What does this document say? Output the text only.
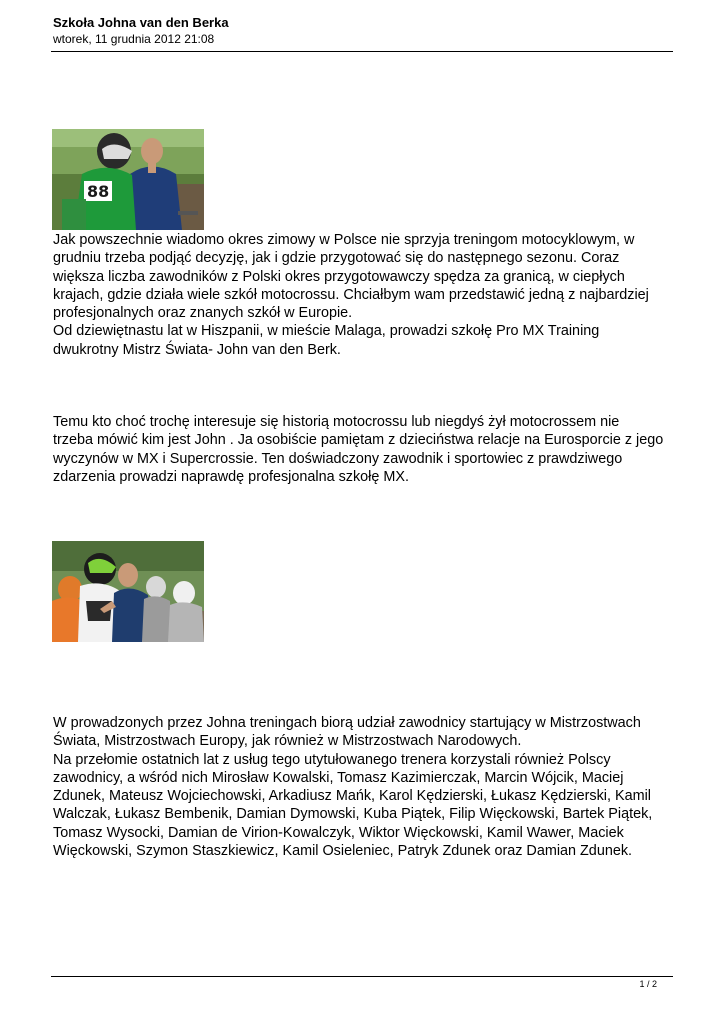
Szkoła Johna van den Berka
wtorek, 11 grudnia 2012 21:08
88
Jak powszechnie wiadomo okres zimowy w Polsce nie sprzyja treningom motocyklowym, w
grudniu trzeba podjąć decyzję, jak i gdzie przygotować się do następnego sezonu. Coraz
większa liczba zawodników z Polski okres przygotowawczy spędza za granicą, w ciepłych
krajach, gdzie działa wiele szkół motocrossu. Chciałbym wam przedstawić jedną z najbardziej
profesjonalnych oraz znanych szkół w Europie.
Od dziewiętnastu lat w Hiszpanii, w mieście Malaga, prowadzi szkołę Pro MX Training
dwukrotny Mistrz Świata- John van den Berk.
Temu kto choć trochę interesuje się historią motocrossu lub niegdyś żył motocrossem nie
trzeba mówić kim jest John . Ja osobiście pamiętam z dzieciństwa relacje na Eurosporcie z jego
wyczynów w MX i Supercrossie. Ten doświadczony zawodnik i sportowiec z prawdziwego
zdarzenia prowadzi naprawdę profesjonalna szkołę MX.
W prowadzonych przez Johna treningach biorą udział zawodnicy startujący w Mistrzostwach
Świata, Mistrzostwach Europy, jak również w Mistrzostwach Narodowych.
Na przełomie ostatnich lat z usług tego utytułowanego trenera korzystali również Polscy
zawodnicy, a wśród nich Mirosław Kowalski, Tomasz Kazimierczak, Marcin Wójcik, Maciej
Zdunek, Mateusz Wojciechowski, Arkadiusz Mańk, Karol Kędzierski, Łukasz Kędzierski, Kamil
Walczak, Łukasz Bembenik, Damian Dymowski, Kuba Piątek, Filip Więckowski, Bartek Piątek,
Tomasz Wysocki, Damian de Virion-Kowalczyk, Wiktor Więckowski, Kamil Wawer, Maciek
Więckowski, Szymon Staszkiewicz, Kamil Osieleniec, Patryk Zdunek oraz Damian Zdunek.
1 / 2
